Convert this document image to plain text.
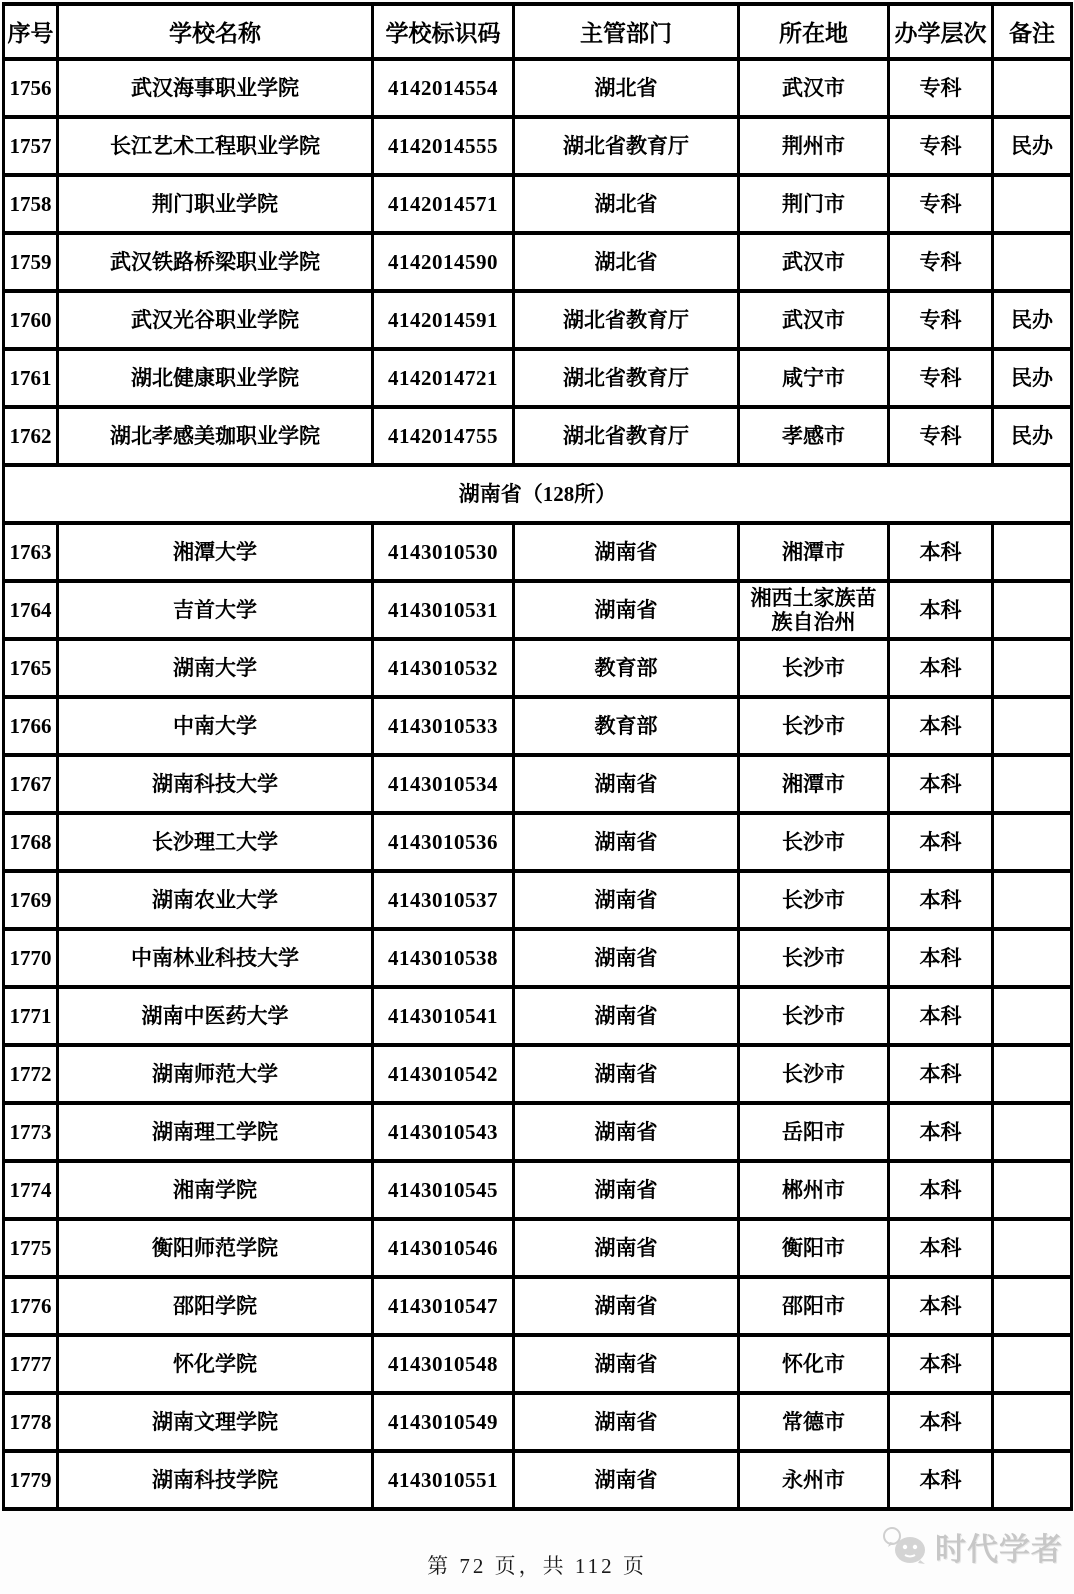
序号	学校名称	学校标识码	主管部门	所在地	办学层次	备注
1756	武汉海事职业学院	4142014554	湖北省	武汉市	专科	
1757	长江艺术工程职业学院	4142014555	湖北省教育厅	荆州市	专科	民办
1758	荆门职业学院	4142014571	湖北省	荆门市	专科	
1759	武汉铁路桥梁职业学院	4142014590	湖北省	武汉市	专科	
1760	武汉光谷职业学院	4142014591	湖北省教育厅	武汉市	专科	民办
1761	湖北健康职业学院	4142014721	湖北省教育厅	咸宁市	专科	民办
1762	湖北孝感美珈职业学院	4142014755	湖北省教育厅	孝感市	专科	民办
湖南省（128所）						
1763	湘潭大学	4143010530	湖南省	湘潭市	本科	
1764	吉首大学	4143010531	湖南省	湘西土家族苗族自治州	本科	
1765	湖南大学	4143010532	教育部	长沙市	本科	
1766	中南大学	4143010533	教育部	长沙市	本科	
1767	湖南科技大学	4143010534	湖南省	湘潭市	本科	
1768	长沙理工大学	4143010536	湖南省	长沙市	本科	
1769	湖南农业大学	4143010537	湖南省	长沙市	本科	
1770	中南林业科技大学	4143010538	湖南省	长沙市	本科	
1771	湖南中医药大学	4143010541	湖南省	长沙市	本科	
1772	湖南师范大学	4143010542	湖南省	长沙市	本科	
1773	湖南理工学院	4143010543	湖南省	岳阳市	本科	
1774	湘南学院	4143010545	湖南省	郴州市	本科	
1775	衡阳师范学院	4143010546	湖南省	衡阳市	本科	
1776	邵阳学院	4143010547	湖南省	邵阳市	本科	
1777	怀化学院	4143010548	湖南省	怀化市	本科	
1778	湖南文理学院	4143010549	湖南省	常德市	本科	
1779	湖南科技学院	4143010551	湖南省	永州市	本科	
时代学者
第 72 页，共 112 页
